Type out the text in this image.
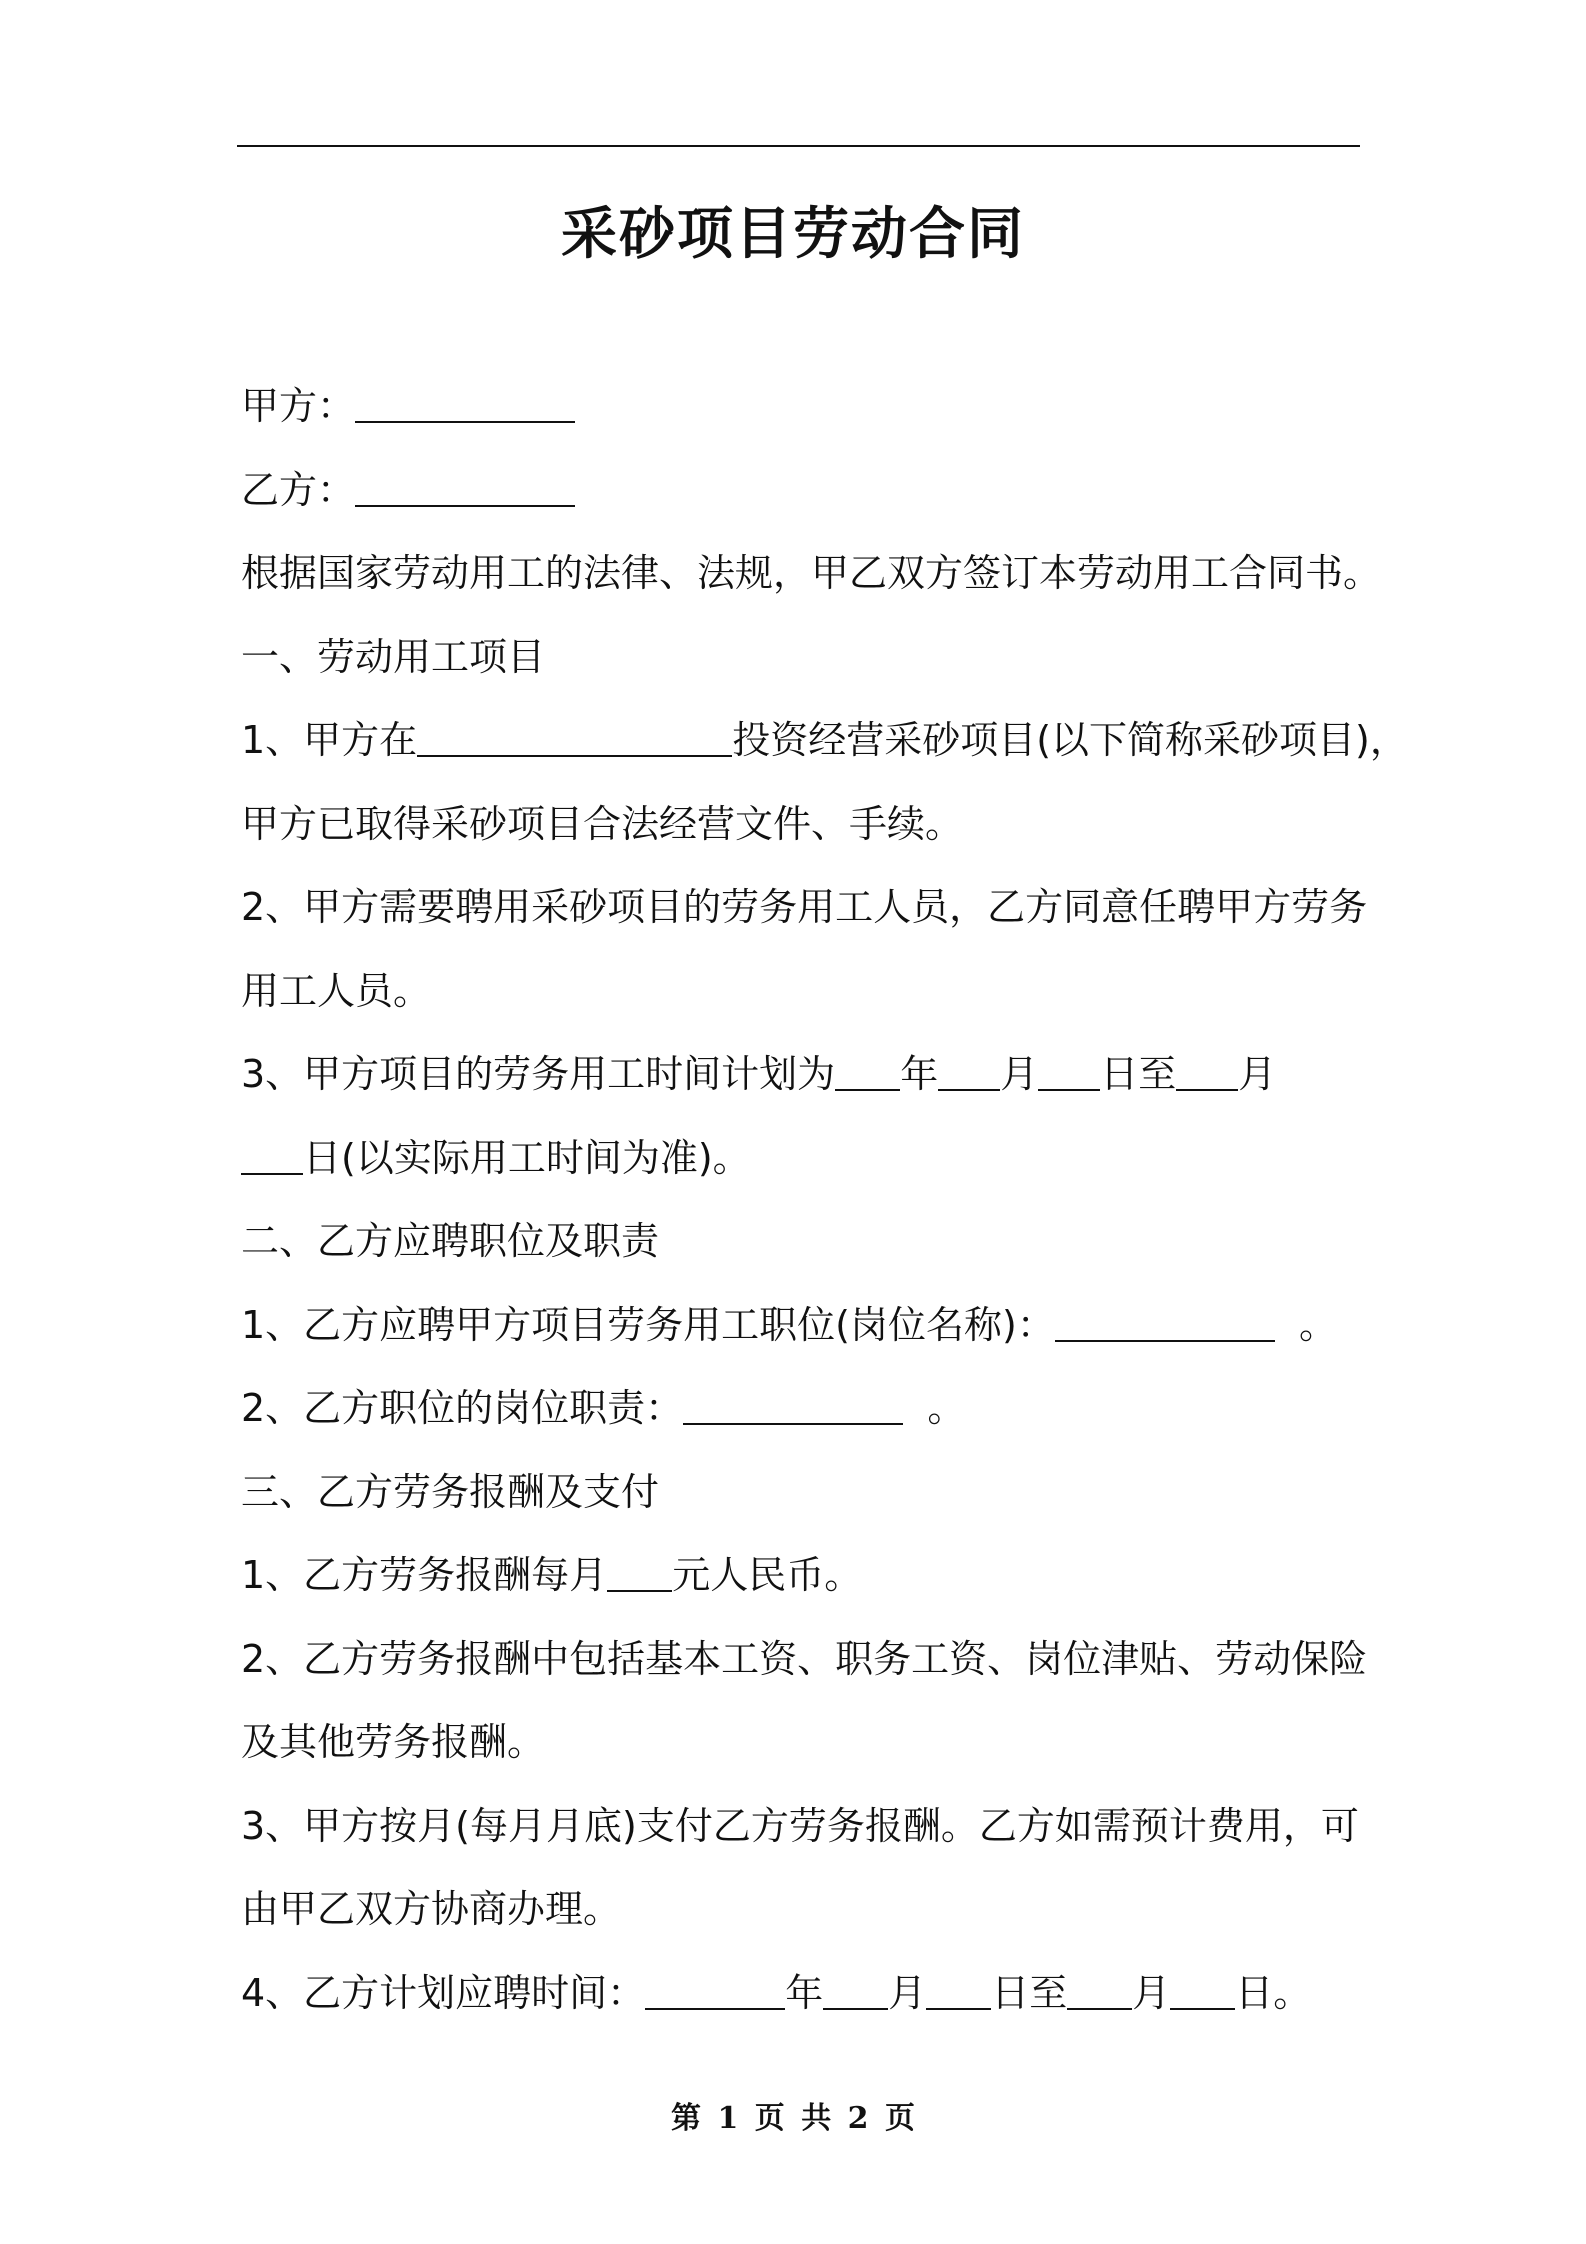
采砂项目劳动合同
甲方：
乙方：
根据国家劳动用工的法律、法规，甲乙双方签订本劳动用工合同书。
一、劳动用工项目
1、甲方在	投资经营采砂项目(以下简称采砂项目)，
甲方已取得采砂项目合法经营文件、手续。
2、甲方需要聘用采砂项目的劳务用工人员，乙方同意任聘甲方劳务
用工人员。
3、甲方项目的劳务用工时间计划为 年 月 日至 月
日(以实际用工时间为准)。
二、乙方应聘职位及职责
1、乙方应聘甲方项目劳务用工职位(岗位名称)：	。
2、乙方职位的岗位职责：	。
三、乙方劳务报酬及支付
1、乙方劳务报酬每月 元人民币。
2、乙方劳务报酬中包括基本工资、职务工资、岗位津贴、劳动保险
及其他劳务报酬。
3、甲方按月(每月月底)支付乙方劳务报酬。乙方如需预计费用，可
由甲乙双方协商办理。
4、乙方计划应聘时间：	年 月 日至 月 日。
第 1 页 共 2 页
